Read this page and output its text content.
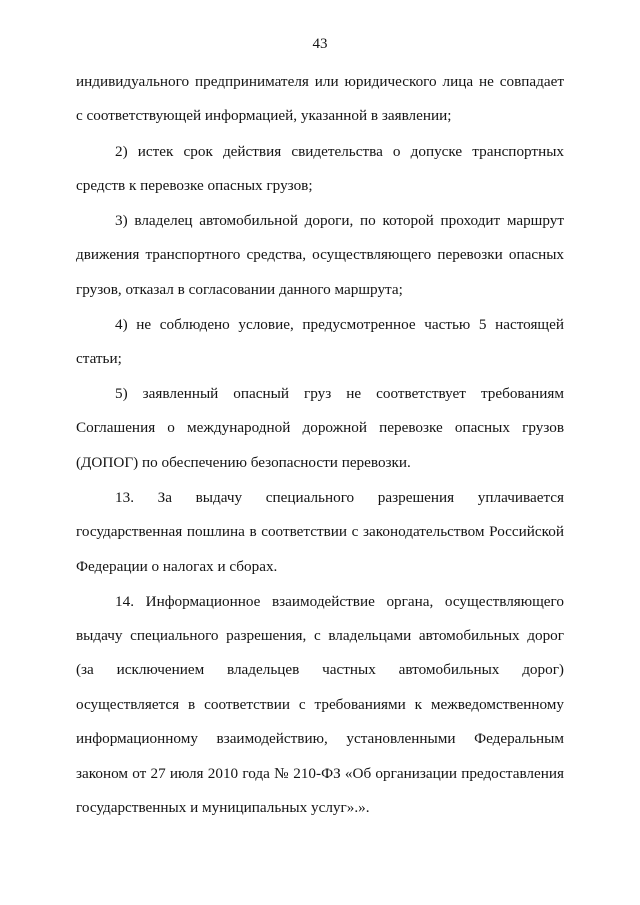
43
индивидуального предпринимателя или юридического лица не совпадает
с соответствующей информацией, указанной в заявлении;
2) истек срок действия свидетельства о допуске транспортных
средств к перевозке опасных грузов;
3) владелец автомобильной дороги, по которой проходит маршрут
движения транспортного средства, осуществляющего перевозки опасных
грузов, отказал в согласовании данного маршрута;
4) не соблюдено условие, предусмотренное частью 5 настоящей
статьи;
5) заявленный опасный груз не соответствует требованиям
Соглашения о международной дорожной перевозке опасных грузов
(ДОПОГ) по обеспечению безопасности перевозки.
13. За выдачу специального разрешения уплачивается
государственная пошлина в соответствии с законодательством Российской
Федерации о налогах и сборах.
14. Информационное взаимодействие органа, осуществляющего
выдачу специального разрешения, с владельцами автомобильных дорог
(за исключением владельцев частных автомобильных дорог)
осуществляется в соответствии с требованиями к межведомственному
информационному взаимодействию, установленными Федеральным
законом от 27 июля 2010 года № 210-ФЗ «Об организации предоставления
государственных и муниципальных услуг».».
